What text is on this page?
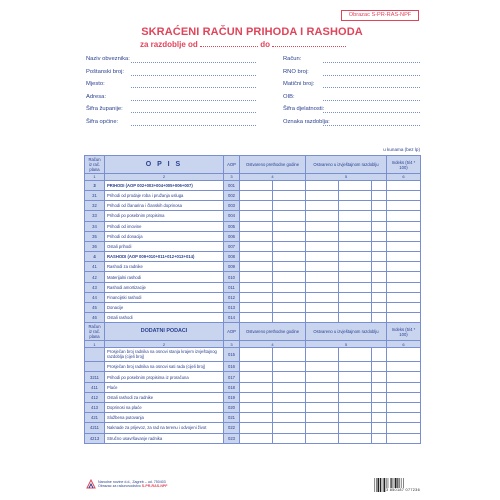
Obrazac S-PR-RAS-NPF
SKRAĆENI RAČUN PRIHODA I RASHODA
za razdoblje od	do
Naziv obveznika:
Poštanski broj:
Mjesto:
Adresa:
Šifra županije:
Šifra općine:
Račun:
RNO broj:
Matični broj:
OIB:
Šifra djelatnosti:
Oznaka razdoblja:
u kunama (bez lp)
Račun iz rač. plana	O P I S	AOP	Ostvareno prethodne godine		Ostvareno u izvještajnom razdoblju			Indeks (5/4 * 100)
1	2	3	4		5			6
3	PRIHODI (AOP 002+003+004+005+006+007)	001						
31	Prihodi od prodaje roba i pružanja usluga	002						
32	Prihodi od članarina i članskih doprinosa	003						
33	Prihodi po posebnim propisima	004						
34	Prihodi od imovine	005						
35	Prihodi od donacija	006						
36	Ostali prihodi	007						
4	RASHODI (AOP 009+010+011+012+013+014)	008						
41	Rashodi za radnike	009						
42	Materijalni rashodi	010						
43	Rashodi amortizacije	011						
44	Financijski rashodi	012						
45	Donacije	013						
46	Ostali rashodi	014						
Račun iz rač. plana	DODATNI PODACI	AOP	Ostvareno prethodne godine		Ostvareno u izvještajnom razdoblju			Indeks (5/4 * 100)
1	2	3	4		5			6
	Prosječan broj radnika na osnovi stanja krajem izvještajnog razdoblja (cijeli broj)	015						
	Prosječan broj radnika na osnovi sati rada (cijeli broj)	016						
3211	Prihodi po posebnim propisima iz proračuna	017						
411	Plaće	018						
412	Ostali rashodi za radnike	019						
413	Doprinosi na plaće	020						
421	Službena putovanja	021						
4211	Naknade za prijevoz, za rad na terenu i odvojeni život	022						
4213	Stručno usavršavanje radnika	023						
Narodne novine d.d., Zagreb – ud. 750403
Obrazac za računovodstvo S-PR-RAS-NPF
3 850187 077236
